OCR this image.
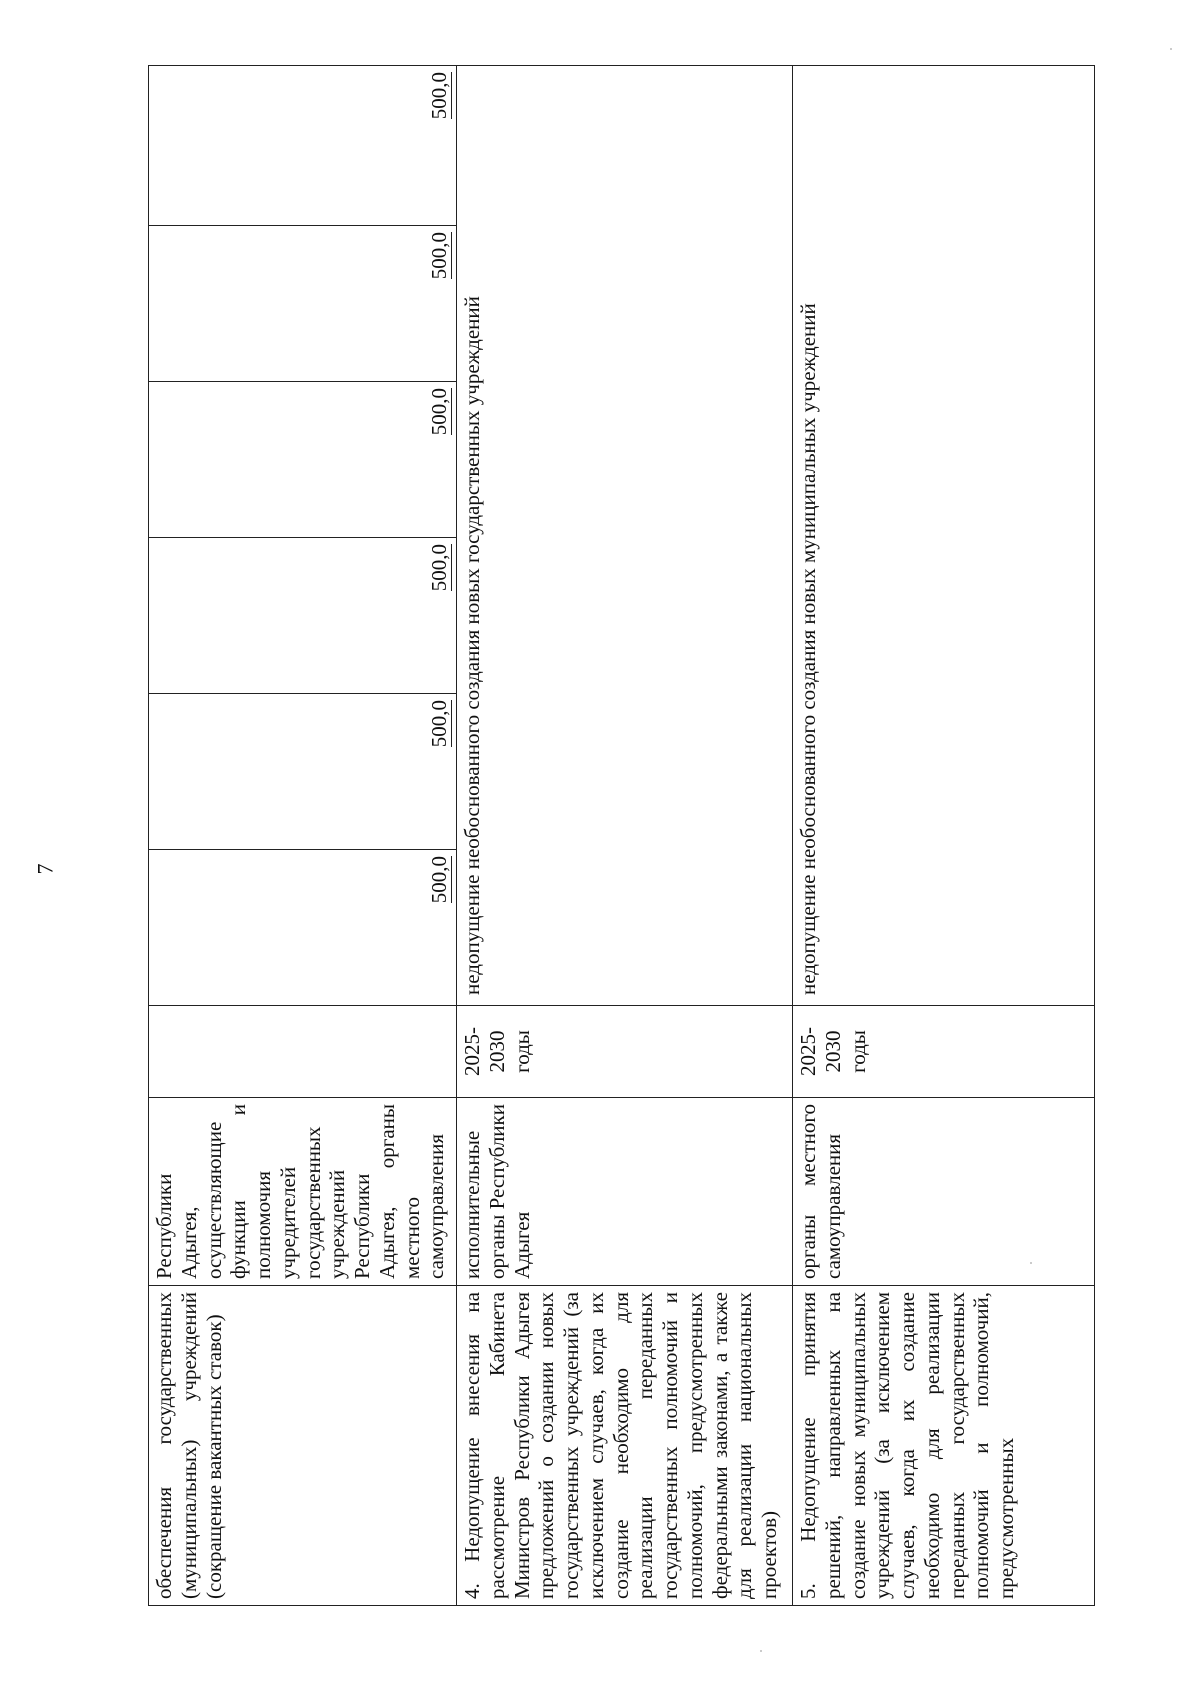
7
обеспечения государственных (муниципальных) учреждений (сокращение вакантных ставок)	Республики Адыгея, осуществляющие функции и полномочия учредителей государственных учреждений Республики Адыгея, органы местного самоуправления		500,0	500,0	500,0	500,0	500,0	500,0
4. Недопущение внесения на рассмотрение Кабинета Министров Республики Адыгея предложений о создании новых государственных учреждений (за исключением случаев, когда их создание необходимо для реализации переданных государственных полномочий и полномочий, предусмотренных федеральными законами, а также для реализации национальных проектов)	исполнительные органы Республики Адыгея	2025-2030 годы	недопущение необоснованного создания новых государственных учреждений					
5. Недопущение принятия решений, направленных на создание новых муниципальных учреждений (за исключением случаев, когда их создание необходимо для реализации переданных государственных полномочий и полномочий, предусмотренных	органы местного самоуправления	2025-2030 годы	недопущение необоснованного создания новых муниципальных учреждений					
